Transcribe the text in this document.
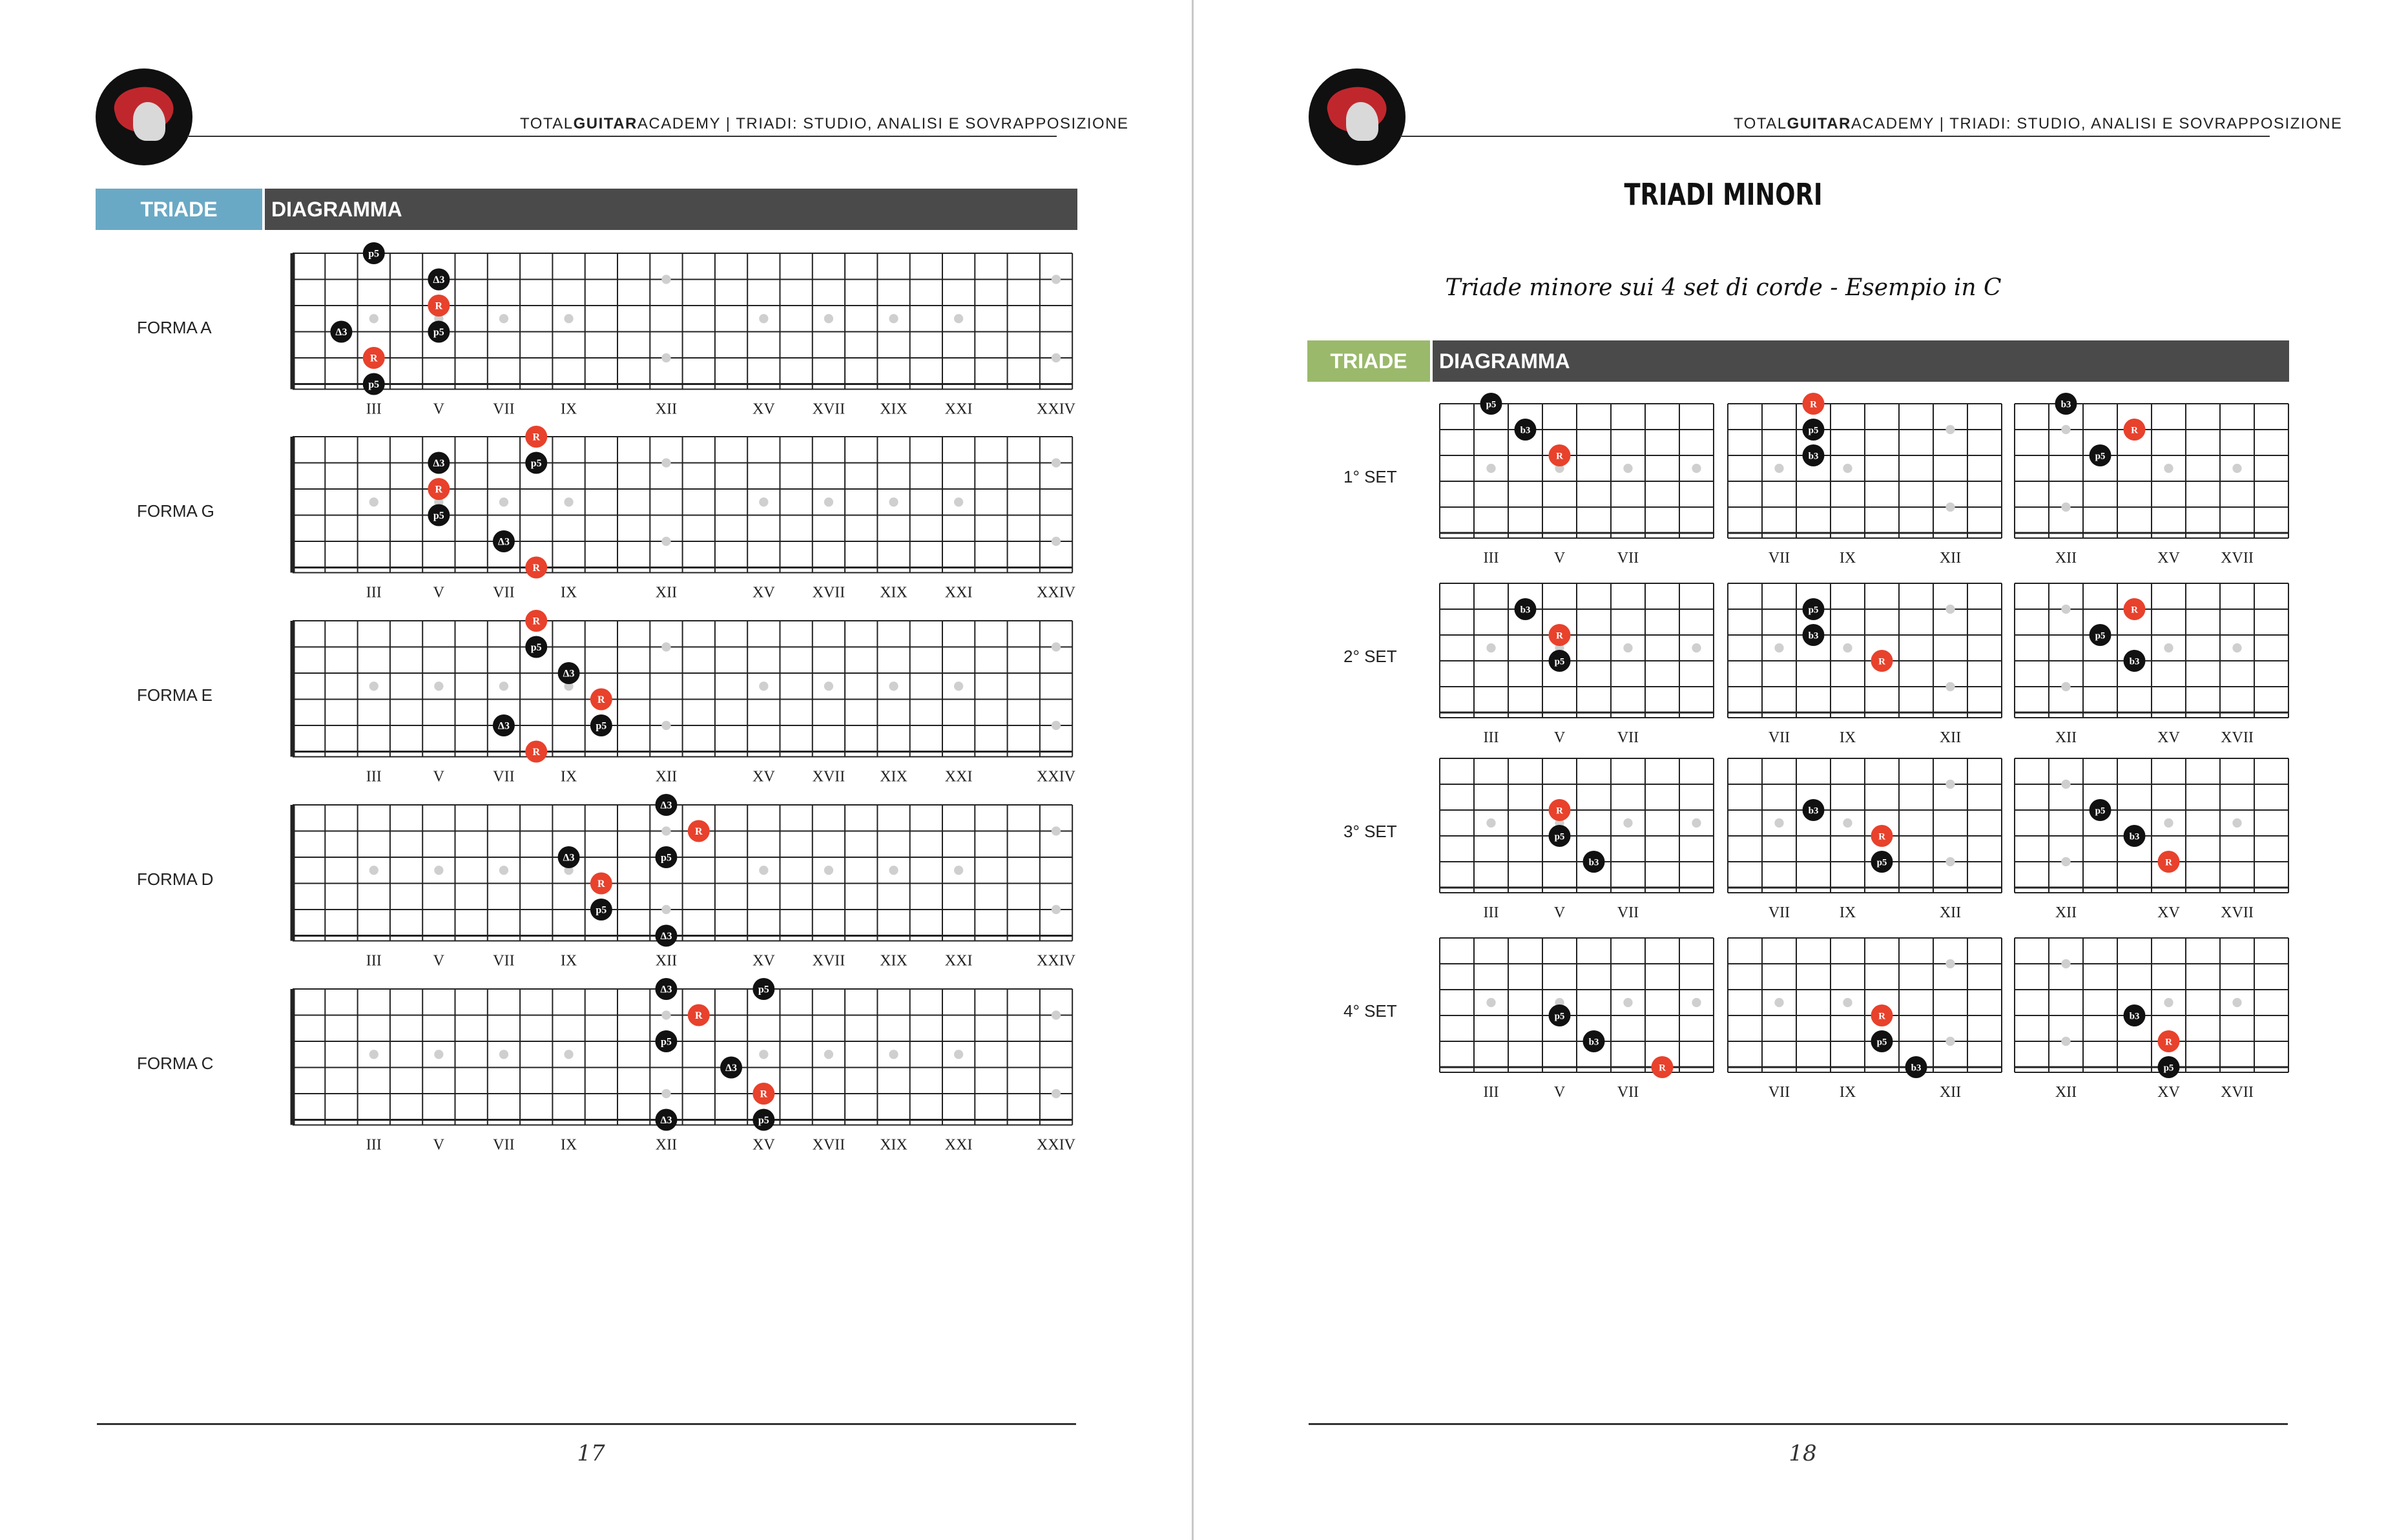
TOTALGUITARACADEMY | TRIADI: STUDIO, ANALISI E SOVRAPPOSIZIONE
TRIADE	DIAGRAMMA
FORMA A
p5
Δ3
R
p5
Δ3
R
p5
III	V	VII	IX	XII	XV XVII XIX XXI	XXIV
FORMA G
R
p5
Δ3
R
p5
Δ3
R
III	V	VII	IX	XII	XV XVII XIX XXI	XXIV
FORMA E
R
p5
Δ3
R
p5
Δ3
R
III	V	VII	IX	XII	XV XVII XIX XXI	XXIV
FORMA D
Δ3
R
p5
Δ3
R
p5
Δ3
III	V	VII	IX	XII	XV XVII XIX XXI	XXIV
FORMA C
Δ3	p5
R
p5
Δ3
R
Δ3	p5
III	V	VII	IX	XII	XV XVII XIX XXI	XXIV
17
TOTALGUITARACADEMY | TRIADI: STUDIO, ANALISI E SOVRAPPOSIZIONE
TRIADI MINORI
Triade minore sui 4 set di corde - Esempio in C
TRIADE	DIAGRAMMA
1° SET
p5
b3
R
III	V	VII
R
p5
b3
VII	IX	XII
b3
R
p5
XII	XV	XVII
2° SET
b3
R
p5
III	V	VII
p5
b3
R
VII	IX	XII
R
p5
b3
XII	XV	XVII
3° SET
R
p5
b3
III	V	VII
b3
R
p5
VII	IX	XII
p5
b3
R
XII	XV	XVII
4° SET	p5
b3
R
III	V	VII
R
p5
b3
VII	IX	XII
b3
R
p5
XII	XV	XVII
18
